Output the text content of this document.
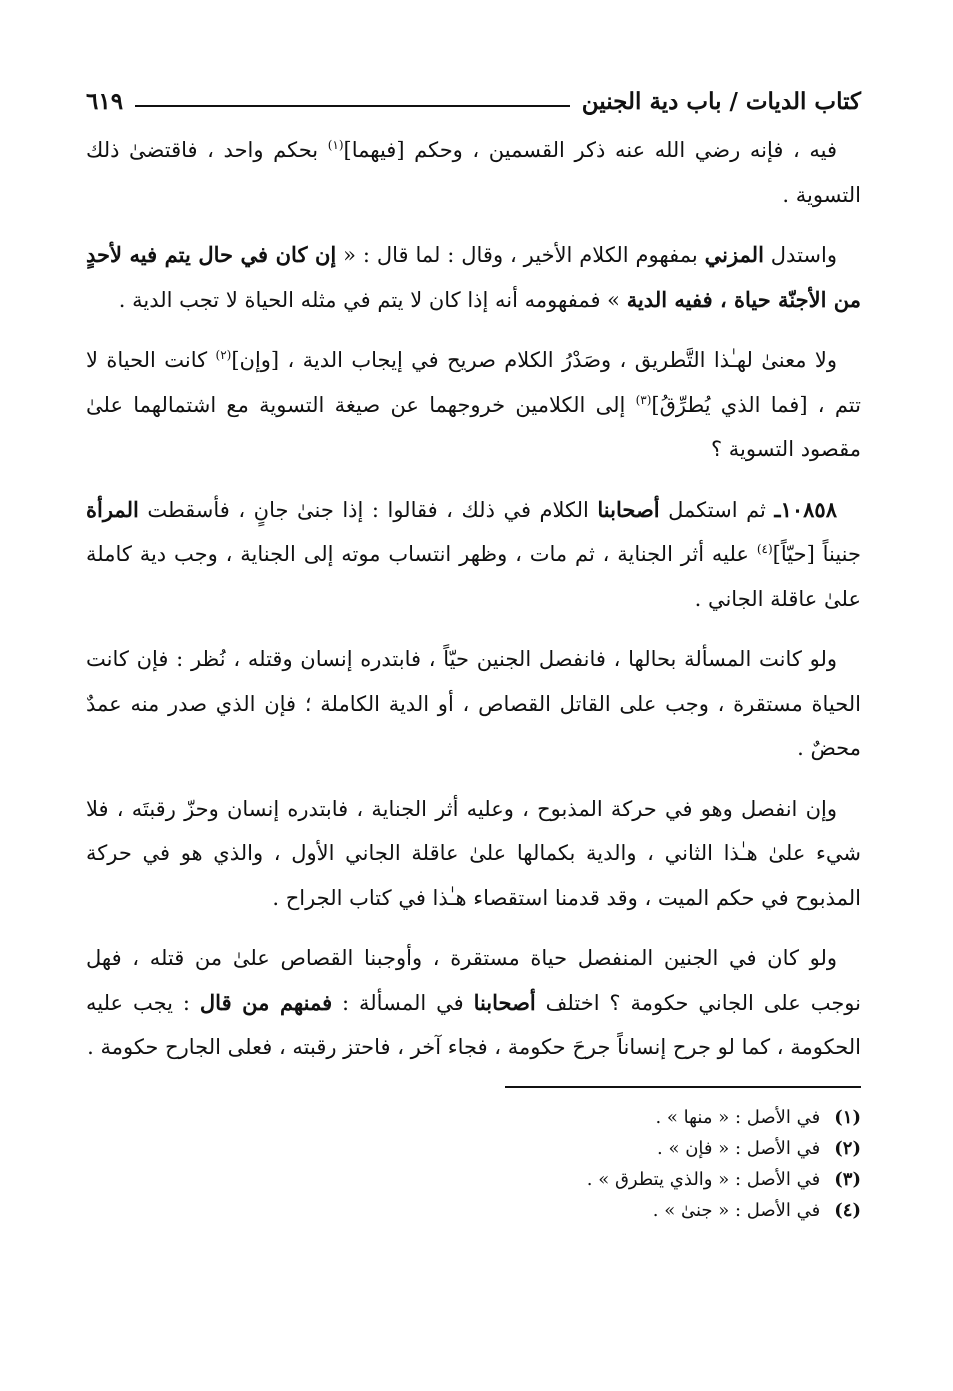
كتاب الديات / باب دية الجنين
٦١٩

فيه ، فإنه رضي الله عنه ذكر القسمين ، وحكم [فيهما]$^{(١)}$ بحكم واحد ، فاقتضىٰ ذلك التسوية .

واستدل المزني بمفهوم الكلام الأخير ، وقال : لما قال : « إن كان في حال يتم فيه لأحدٍ من الأجنّة حياة ، ففيه الدية » فمفهومه أنه إذا كان لا يتم في مثله الحياة لا تجب الدية .

ولا معنىٰ لهـٰذا التَّطريق ، وصَدْرُ الكلام صريح في إيجاب الدية ، [وإن]$^{(٢)}$ كانت الحياة لا تتم ، [فما الذي يُطرِّقُ]$^{(٣)}$ إلى الكلامين خروجهما عن صيغة التسوية مع اشتمالهما علىٰ مقصود التسوية ؟

١٠٨٥٨ـ ثم استكمل أصحابنا الكلام في ذلك ، فقالوا : إذا جنىٰ جانٍ ، فأسقطت المرأة جنيناً [حيّاً]$^{(٤)}$ عليه أثر الجناية ، ثم مات ، وظهر انتساب موته إلى الجناية ، وجب دية كاملة علىٰ عاقلة الجاني .

ولو كانت المسألة بحالها ، فانفصل الجنين حيّاً ، فابتدره إنسان وقتله ، نُظر : فإن كانت الحياة مستقرة ، وجب على القاتل القصاص ، أو الدية الكاملة ؛ فإن الذي صدر منه عمدٌ محضٌ .

وإن انفصل وهو في حركة المذبوح ، وعليه أثر الجناية ، فابتدره إنسان وحزّ رقبتَه ، فلا شيء علىٰ هـٰذا الثاني ، والدية بكمالها علىٰ عاقلة الجاني الأول ، والذي هو في حركة المذبوح في حكم الميت ، وقد قدمنا استقصاء هـٰذا في كتاب الجراح .

ولو كان في الجنين المنفصل حياة مستقرة ، وأوجبنا القصاص علىٰ من قتله ، فهل نوجب على الجاني حكومة ؟ اختلف أصحابنا في المسألة : فمنهم من قال : يجب عليه الحكومة ، كما لو جرح إنساناً جرحَ حكومة ، فجاء آخر ، فاحتز رقبته ، فعلى الجارح حكومة .

(١)
في الأصل : « منها » .
(٢)
في الأصل : « فإن » .
(٣)
في الأصل : « والذي يتطرق » .
(٤)
في الأصل : « جنىٰ » .
